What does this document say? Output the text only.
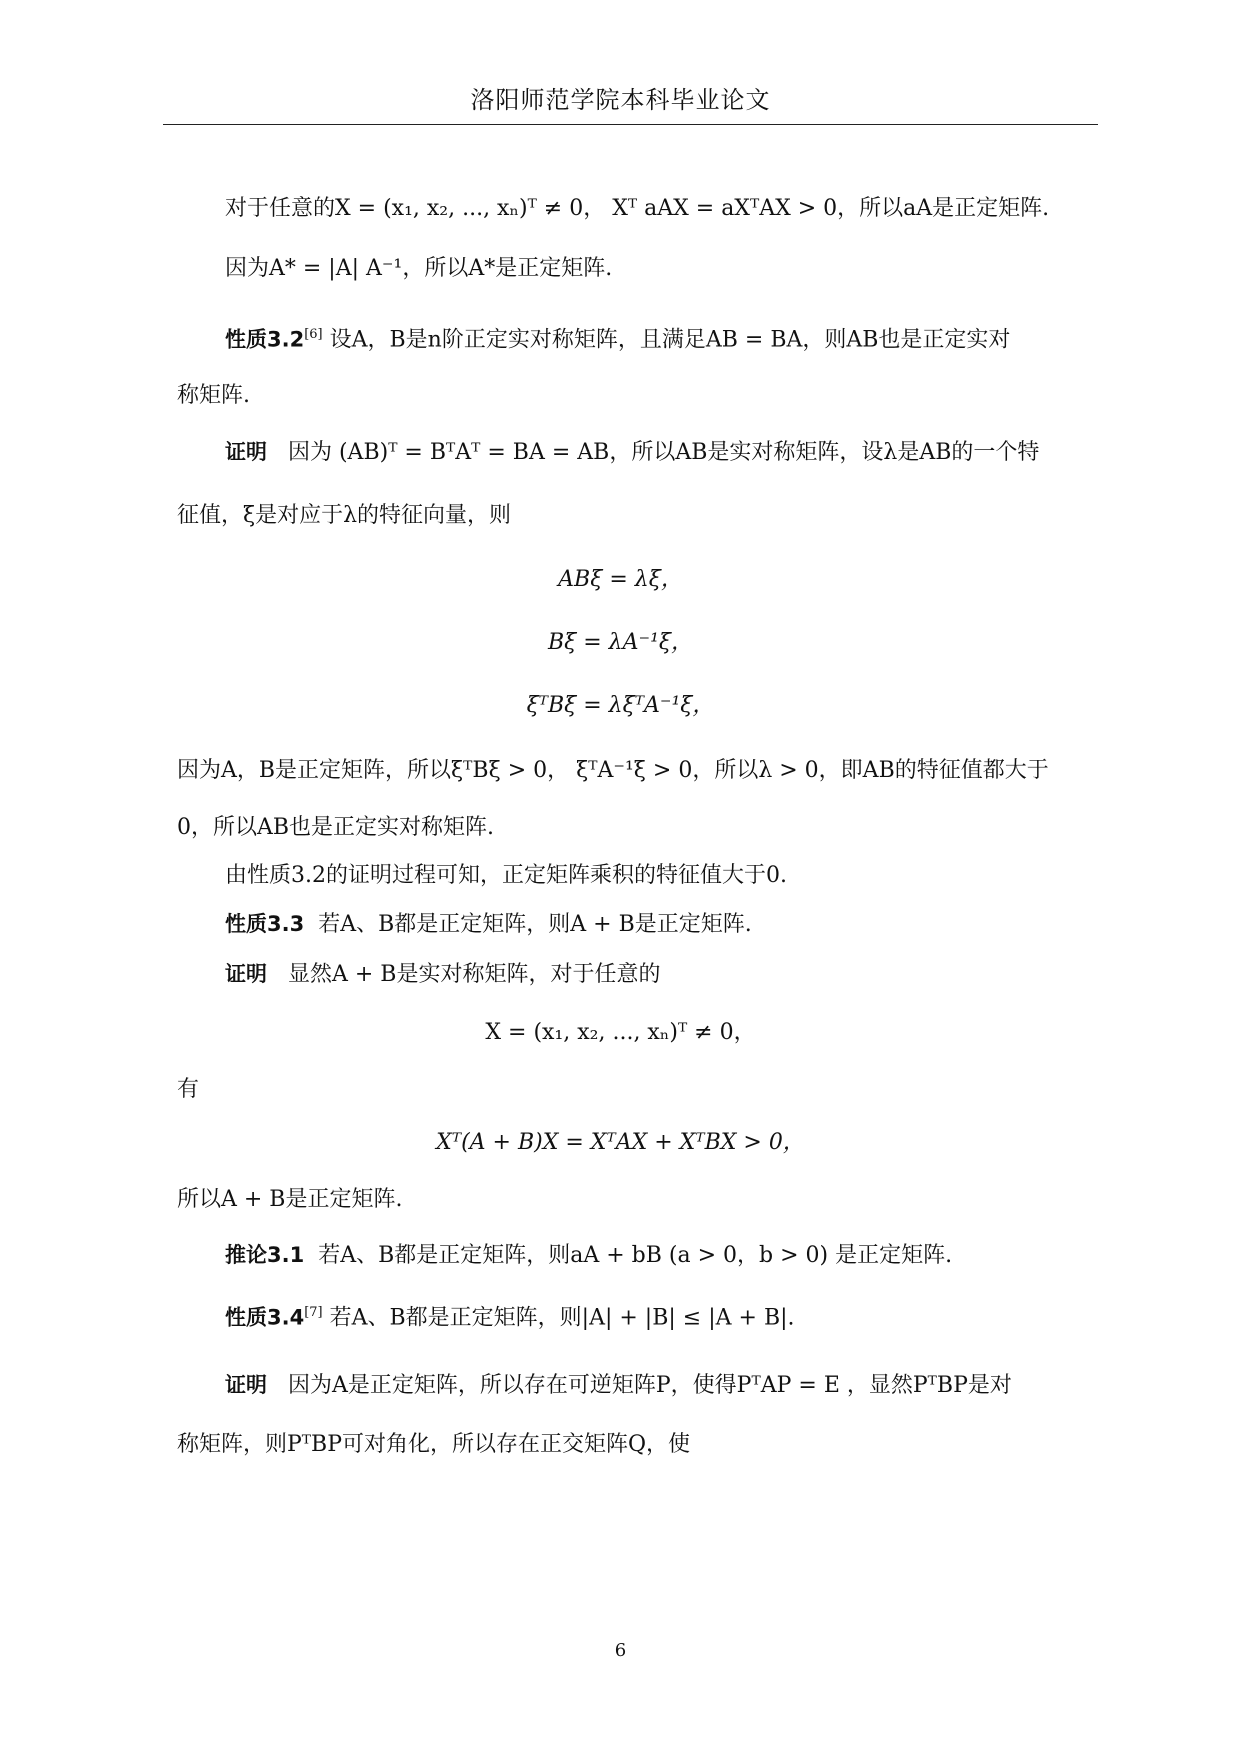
洛阳师范学院本科毕业论文
对于任意的X = (x₁, x₂, ..., xₙ)ᵀ ≠ 0， Xᵀ aAX = aXᵀAX > 0，所以aA是正定矩阵.
因为A* = |A| A⁻¹，所以A*是正定矩阵.
性质3.2[6] 设A，B是n阶正定实对称矩阵，且满足AB = BA，则AB也是正定实对
称矩阵.
证明 因为 (AB)ᵀ = BᵀAᵀ = BA = AB，所以AB是实对称矩阵，设λ是AB的一个特
征值，ξ是对应于λ的特征向量，则
ABξ = λξ，
Bξ = λA⁻¹ξ，
ξᵀBξ = λξᵀA⁻¹ξ，
因为A，B是正定矩阵，所以ξᵀBξ > 0， ξᵀA⁻¹ξ > 0，所以λ > 0，即AB的特征值都大于
0，所以AB也是正定实对称矩阵.
由性质3.2的证明过程可知，正定矩阵乘积的特征值大于0.
性质3.3 若A、B都是正定矩阵，则A + B是正定矩阵.
证明 显然A + B是实对称矩阵，对于任意的
X = (x₁, x₂, ..., xₙ)ᵀ ≠ 0，
有
Xᵀ(A + B)X = XᵀAX + XᵀBX > 0，
所以A + B是正定矩阵.
推论3.1 若A、B都是正定矩阵，则aA + bB (a > 0，b > 0) 是正定矩阵.
性质3.4[7] 若A、B都是正定矩阵，则|A| + |B| ≤ |A + B|.
证明 因为A是正定矩阵，所以存在可逆矩阵P，使得PᵀAP = E ，显然PᵀBP是对
称矩阵，则PᵀBP可对角化，所以存在正交矩阵Q，使
6
